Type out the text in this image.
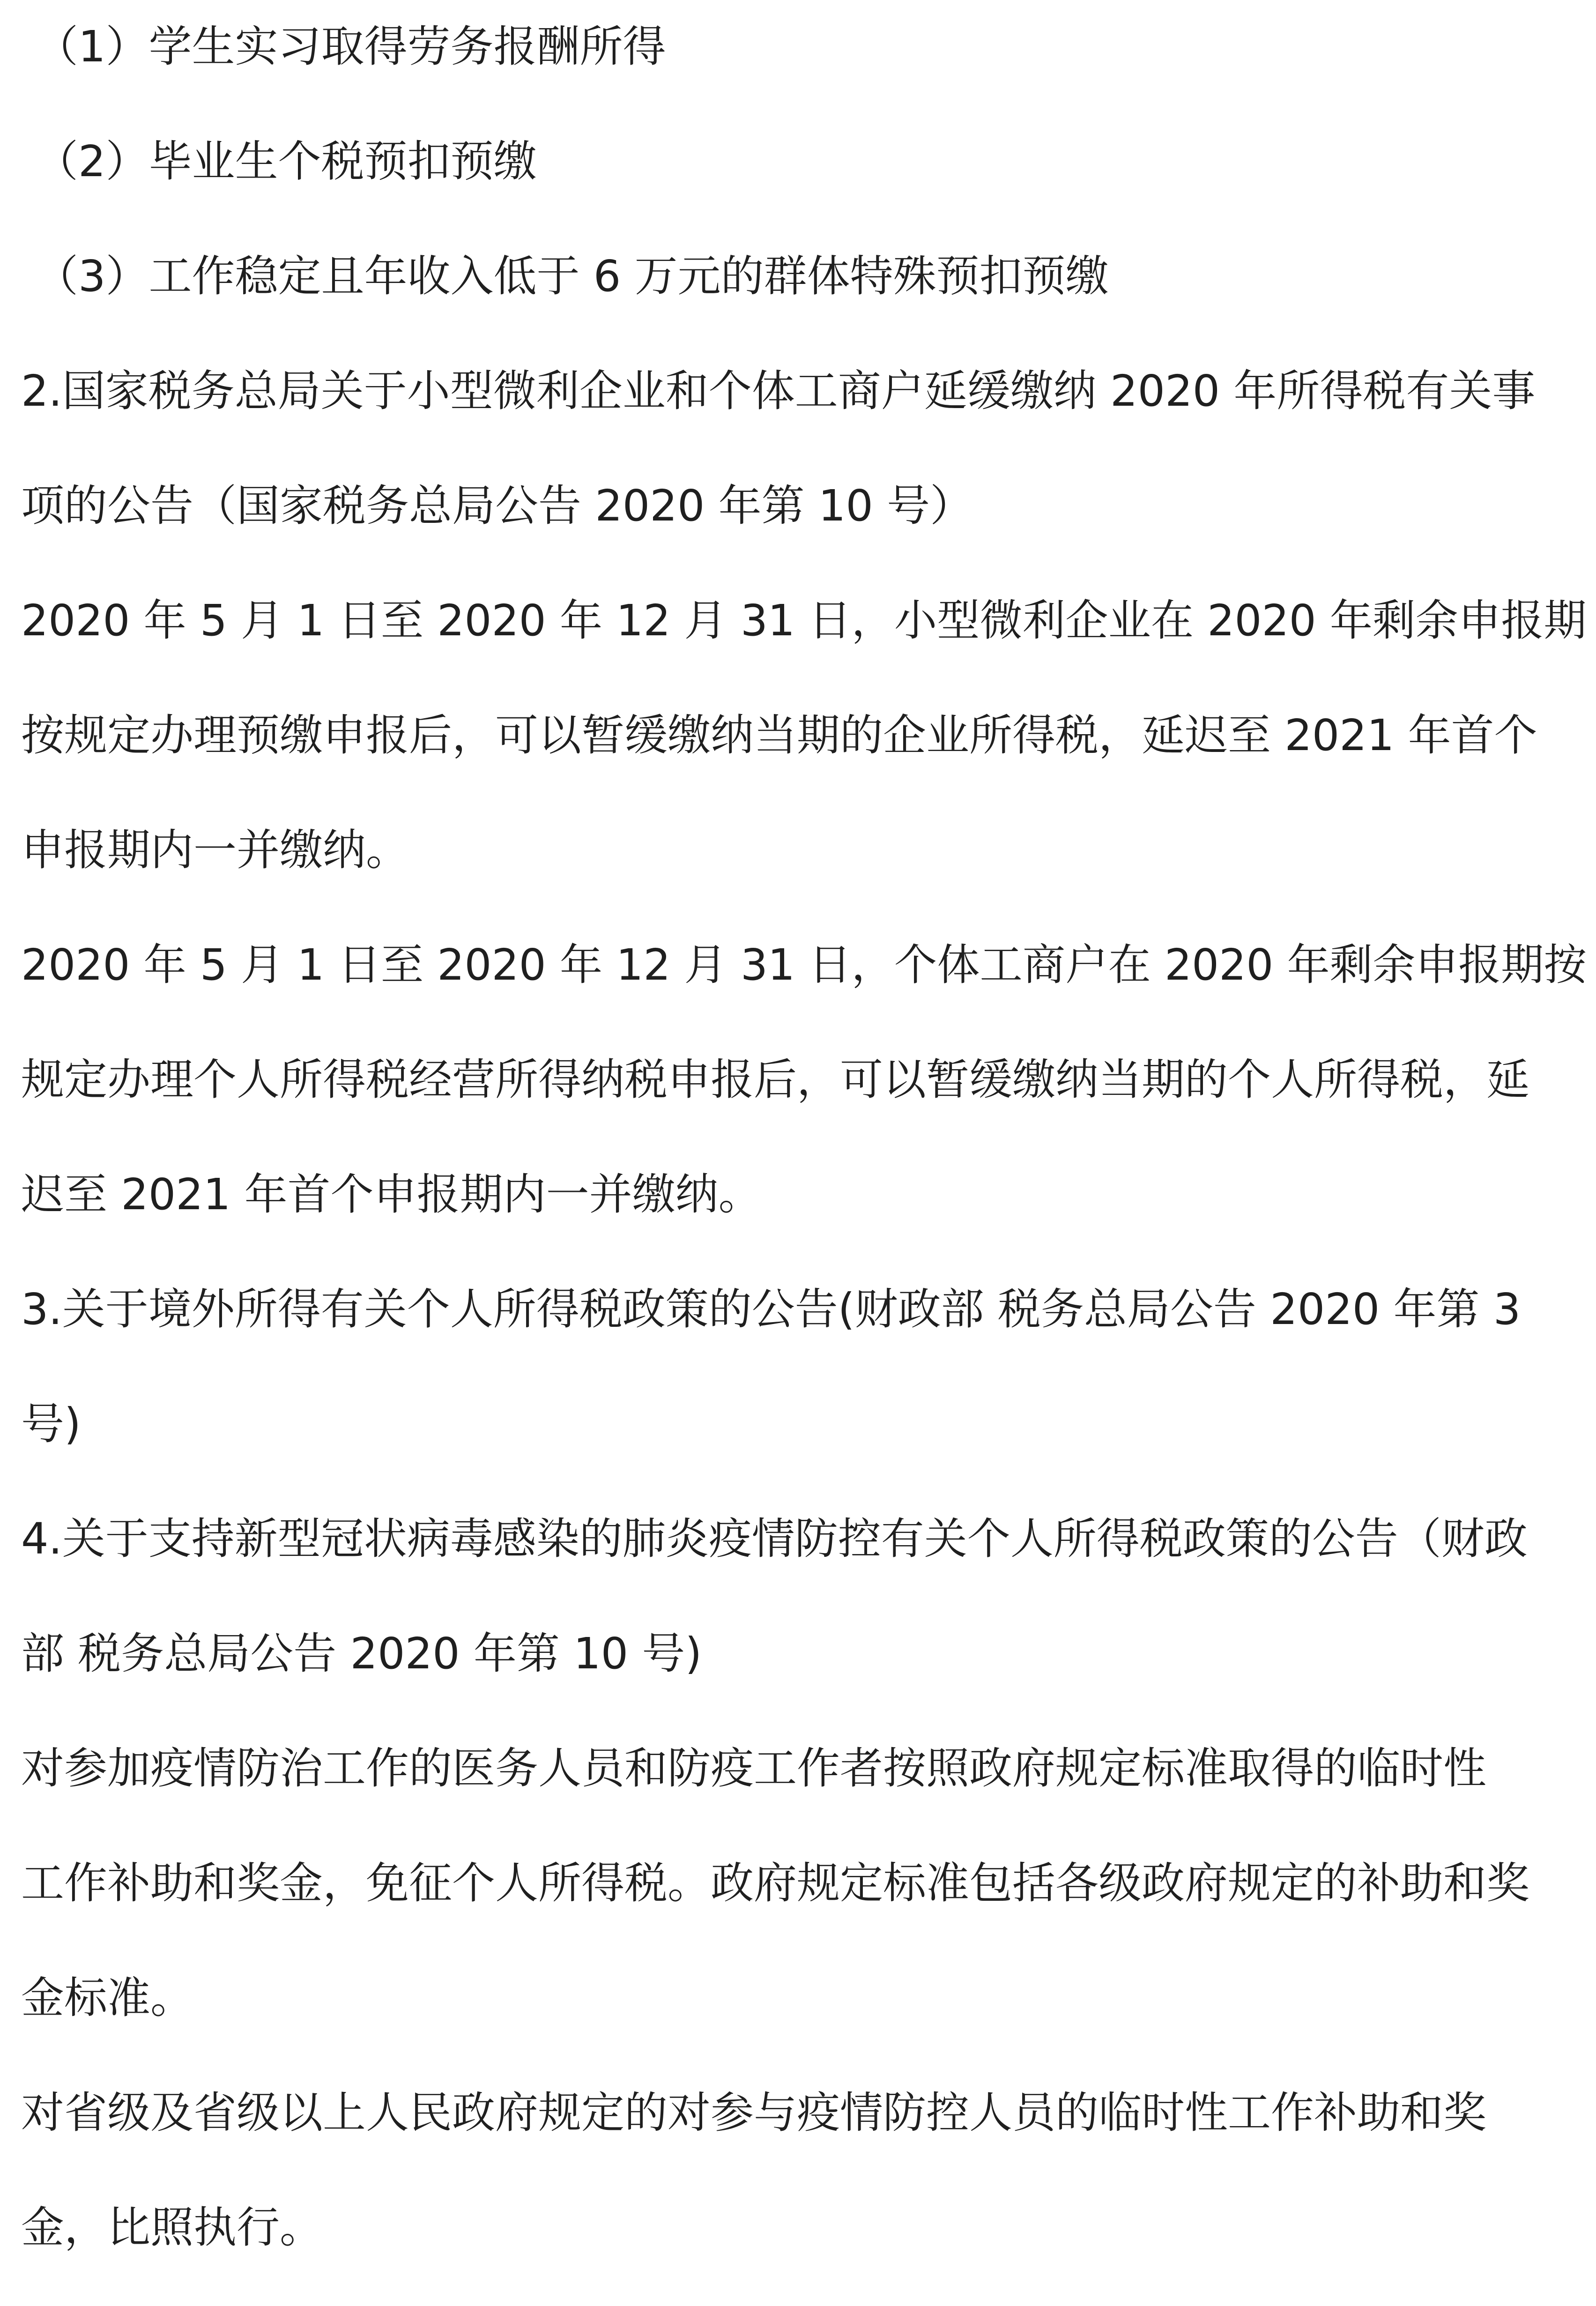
（1）学生实习取得劳务报酬所得
（2）毕业生个税预扣预缴
（3）工作稳定且年收入低于 6 万元的群体特殊预扣预缴
2.国家税务总局关于小型微利企业和个体工商户延缓缴纳 2020 年所得税有关事
项的公告（国家税务总局公告 2020 年第 10 号）
2020 年 5 月 1 日至 2020 年 12 月 31 日，小型微利企业在 2020 年剩余申报期
按规定办理预缴申报后，可以暂缓缴纳当期的企业所得税，延迟至 2021 年首个
申报期内一并缴纳。
2020 年 5 月 1 日至 2020 年 12 月 31 日，个体工商户在 2020 年剩余申报期按
规定办理个人所得税经营所得纳税申报后，可以暂缓缴纳当期的个人所得税，延
迟至 2021 年首个申报期内一并缴纳。
3.关于境外所得有关个人所得税政策的公告(财政部 税务总局公告 2020 年第 3
号)
4.关于支持新型冠状病毒感染的肺炎疫情防控有关个人所得税政策的公告（财政
部 税务总局公告 2020 年第 10 号)
对参加疫情防治工作的医务人员和防疫工作者按照政府规定标准取得的临时性
工作补助和奖金，免征个人所得税。政府规定标准包括各级政府规定的补助和奖
金标准。
对省级及省级以上人民政府规定的对参与疫情防控人员的临时性工作补助和奖
金，比照执行。
